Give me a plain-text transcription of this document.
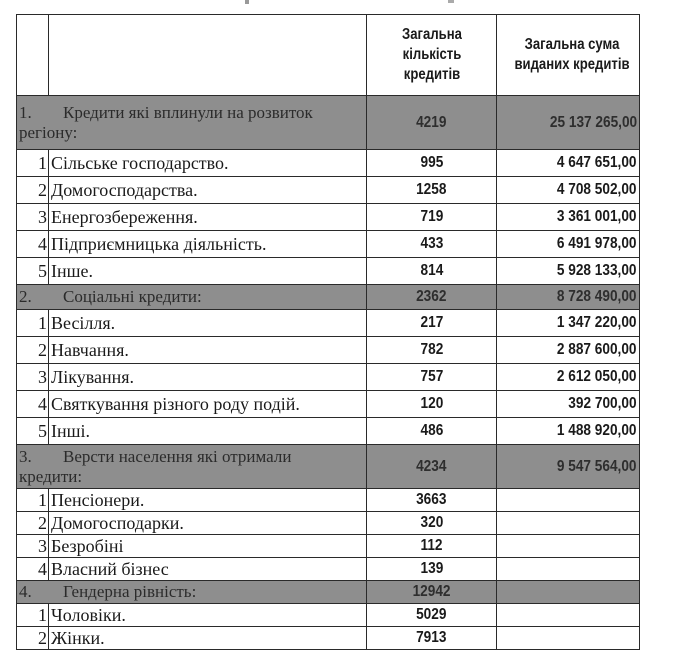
		Загальна кількість кредитів	Загальна сума виданих кредитів
1. Кредити які вплинули на розвиток
регіону:		4219	25 137 265,00
1	Сільське господарство.	995	4 647 651,00
2	Домогосподарства.	1258	4 708 502,00
3	Енергозбереження.	719	3 361 001,00
4	Підприємницька діяльність.	433	6 491 978,00
5	Інше.	814	5 928 133,00
2. Соціальні кредити:		2362	8 728 490,00
1	Весілля.	217	1 347 220,00
2	Навчання.	782	2 887 600,00
3	Лікування.	757	2 612 050,00
4	Святкування різного роду подій.	120	392 700,00
5	Інші.	486	1 488 920,00
3. Версти населення які отримали
кредити:		4234	9 547 564,00
1	Пенсіонери.	3663	
2	Домогосподарки.	320	
3	Безробіні	112	
4	Власний бізнес	139	
4. Гендерна рівність:		12942	
1	Чоловіки.	5029	
2	Жінки.	7913	
